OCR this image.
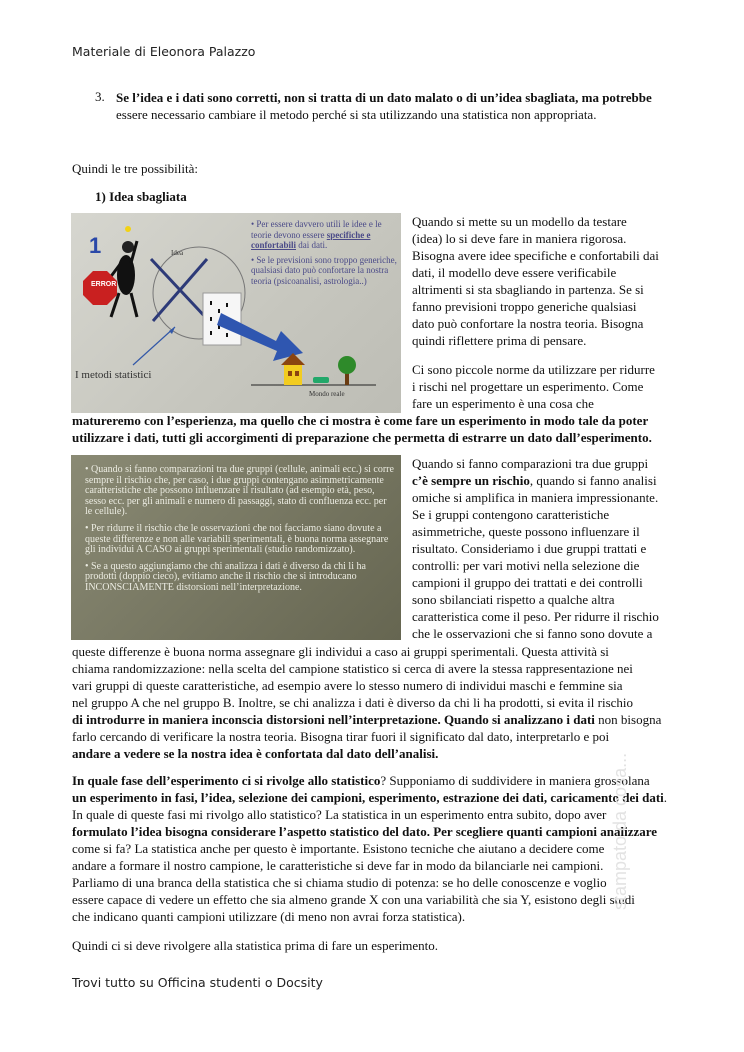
Materiale di Eleonora Palazzo
3. Se l’idea e i dati sono corretti, non si tratta di un dato malato o di un’idea sbagliata, ma potrebbe
essere necessario cambiare il metodo perché si sta utilizzando una statistica non appropriata.
Quindi le tre possibilità:
1) Idea sbagliata
1
ERROR
Idea
• Per essere davvero utili le idee e le teorie devono essere specifiche e confortabili dai dati.
• Se le previsioni sono troppo generiche, qualsiasi dato può confortare la nostra teoria (psicoanalisi, astrologia..)
I metodi statistici
Mondo reale
Quando si mette su un modello da testare
(idea) lo si deve fare in maniera rigorosa.
Bisogna avere idee specifiche e confortabili dai
dati, il modello deve essere verificabile
altrimenti si sta sbagliando in partenza. Se si
fanno previsioni troppo generiche qualsiasi
dato può confortare la nostra teoria. Bisogna
quindi riflettere prima di pensare.
Ci sono piccole norme da utilizzare per ridurre
i rischi nel progettare un esperimento. Come
fare un esperimento è una cosa che
matureremo con l’esperienza, ma quello che ci mostra è come fare un esperimento in modo tale da poter
utilizzare i dati, tutti gli accorgimenti di preparazione che permetta di estrarre un dato dall’esperimento.
• Quando si fanno comparazioni tra due gruppi (cellule, animali ecc.) si corre sempre il rischio che, per caso, i due gruppi contengano asimmetricamente caratteristiche che possono influenzare il risultato (ad esempio età, peso, sesso ecc. per gli animali e numero di passaggi, stato di confluenza ecc. per le cellule).
• Per ridurre il rischio che le osservazioni che noi facciamo siano dovute a queste differenze e non alle variabili sperimentali, è buona norma assegnare gli individui A CASO ai gruppi sperimentali (studio randomizzato).
• Se a questo aggiungiamo che chi analizza i dati è diverso da chi li ha prodotti (doppio cieco), evitiamo anche il rischio che si introducano INCONSCIAMENTE distorsioni nell’interpretazione.
Quando si fanno comparazioni tra due gruppi
c’è sempre un rischio, quando si fanno analisi
omiche si amplifica in maniera impressionante.
Se i gruppi contengono caratteristiche
asimmetriche, queste possono influenzare il
risultato. Consideriamo i due gruppi trattati e
controlli: per vari motivi nella selezione die
campioni il gruppo dei trattati e dei controlli
sono sbilanciati rispetto a qualche altra
caratteristica come il peso. Per ridurre il rischio
che le osservazioni che si fanno sono dovute a
queste differenze è buona norma assegnare gli individui a caso ai gruppi sperimentali. Questa attività si
chiama randomizzazione: nella scelta del campione statistico si cerca di avere la stessa rappresentazione nei
vari gruppi di queste caratteristiche, ad esempio avere lo stesso numero di individui maschi e femmine sia
nel gruppo A che nel gruppo B. Inoltre, se chi analizza i dati è diverso da chi li ha prodotti, si evita il rischio
di introdurre in maniera inconscia distorsioni nell’interpretazione. Quando si analizzano i dati non bisogna
farlo cercando di verificare la nostra teoria. Bisogna tirar fuori il significato dal dato, interpretarlo e poi
andare a vedere se la nostra idea è confortata dal dato dell’analisi.
In quale fase dell’esperimento ci si rivolge allo statistico? Supponiamo di suddividere in maniera grossolana
un esperimento in fasi, l’idea, selezione dei campioni, esperimento, estrazione dei dati, caricamento dei dati.
In quale di queste fasi mi rivolgo allo statistico? La statistica in un esperimento entra subito, dopo aver
formulato l’idea bisogna considerare l’aspetto statistico del dato. Per scegliere quanti campioni analizzare
come si fa? La statistica anche per questo è importante. Esistono tecniche che aiutano a decidere come
andare a formare il nostro campione, le caratteristiche si deve far in modo da bilanciarle nei campioni.
Parliamo di una branca della statistica che si chiama studio di potenza: se ho delle conoscenze e voglio
essere capace di vedere un effetto che sia almeno grande X con una variabilità che sia Y, esistono degli studi
che indicano quanti campioni utilizzare (di meno non avrai forza statistica).
Quindi ci si deve rivolgere alla statistica prima di fare un esperimento.
stampato da cosa...
Trovi tutto su Officina studenti o Docsity
